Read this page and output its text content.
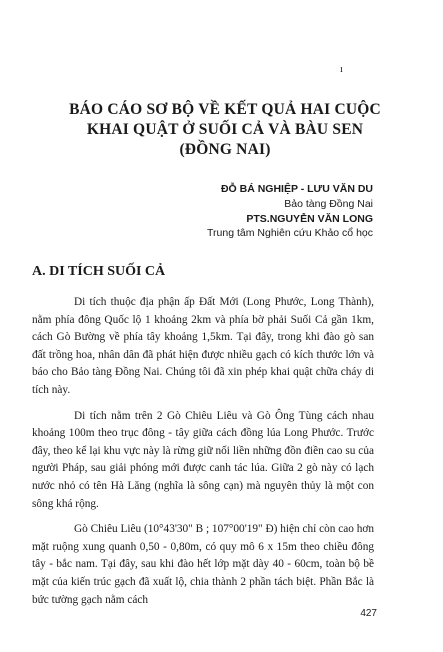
ı
BÁO CÁO SƠ BỘ VỀ KẾT QUẢ HAI CUỘC
KHAI QUẬT Ở SUỐI CẢ VÀ BÀU SEN
(ĐỒNG NAI)
ĐỖ BÁ NGHIỆP - LƯU VĂN DU
Bảo tàng Đồng Nai
PTS.NGUYỄN VĂN LONG
Trung tâm Nghiên cứu Khảo cổ học
A. DI TÍCH SUỐI CẢ

Di tích thuộc địa phận ấp Đất Mới (Long Phước, Long Thành), nằm phía đông Quốc lộ 1 khoảng 2km và phía bờ phải Suối Cả gần 1km, cách Gò Bường về phía tây khoảng 1,5km. Tại đây, trong khi đào gò san đất trồng hoa, nhân dân đã phát hiện được nhiều gạch có kích thước lớn và báo cho Bảo tàng Đồng Nai. Chúng tôi đã xin phép khai quật chữa cháy di tích này.

Di tích nằm trên 2 Gò Chiêu Liêu và Gò Ông Tùng cách nhau khoảng 100m theo trục đông - tây giữa cách đồng lúa Long Phước. Trước đây, theo kể lại khu vực này là rừng giữ nối liền những đồn điền cao su của người Pháp, sau giải phóng mới được canh tác lúa. Giữa 2 gò này có lạch nước nhỏ có tên Hà Lăng (nghĩa là sông cạn) mà nguyên thủy là một con sông khá rộng.

Gò Chiêu Liêu (10°43'30" B ; 107°00'19" Đ) hiện chỉ còn cao hơn mặt ruộng xung quanh 0,50 - 0,80m, có quy mô 6 x 15m theo chiều đông tây - bắc nam. Tại đây, sau khi đào hết lớp mặt dày 40 - 60cm, toàn bộ bề mặt của kiến trúc gạch đã xuất lộ, chia thành 2 phần tách biệt. Phần Bắc là bức tường gạch nằm cách

427
